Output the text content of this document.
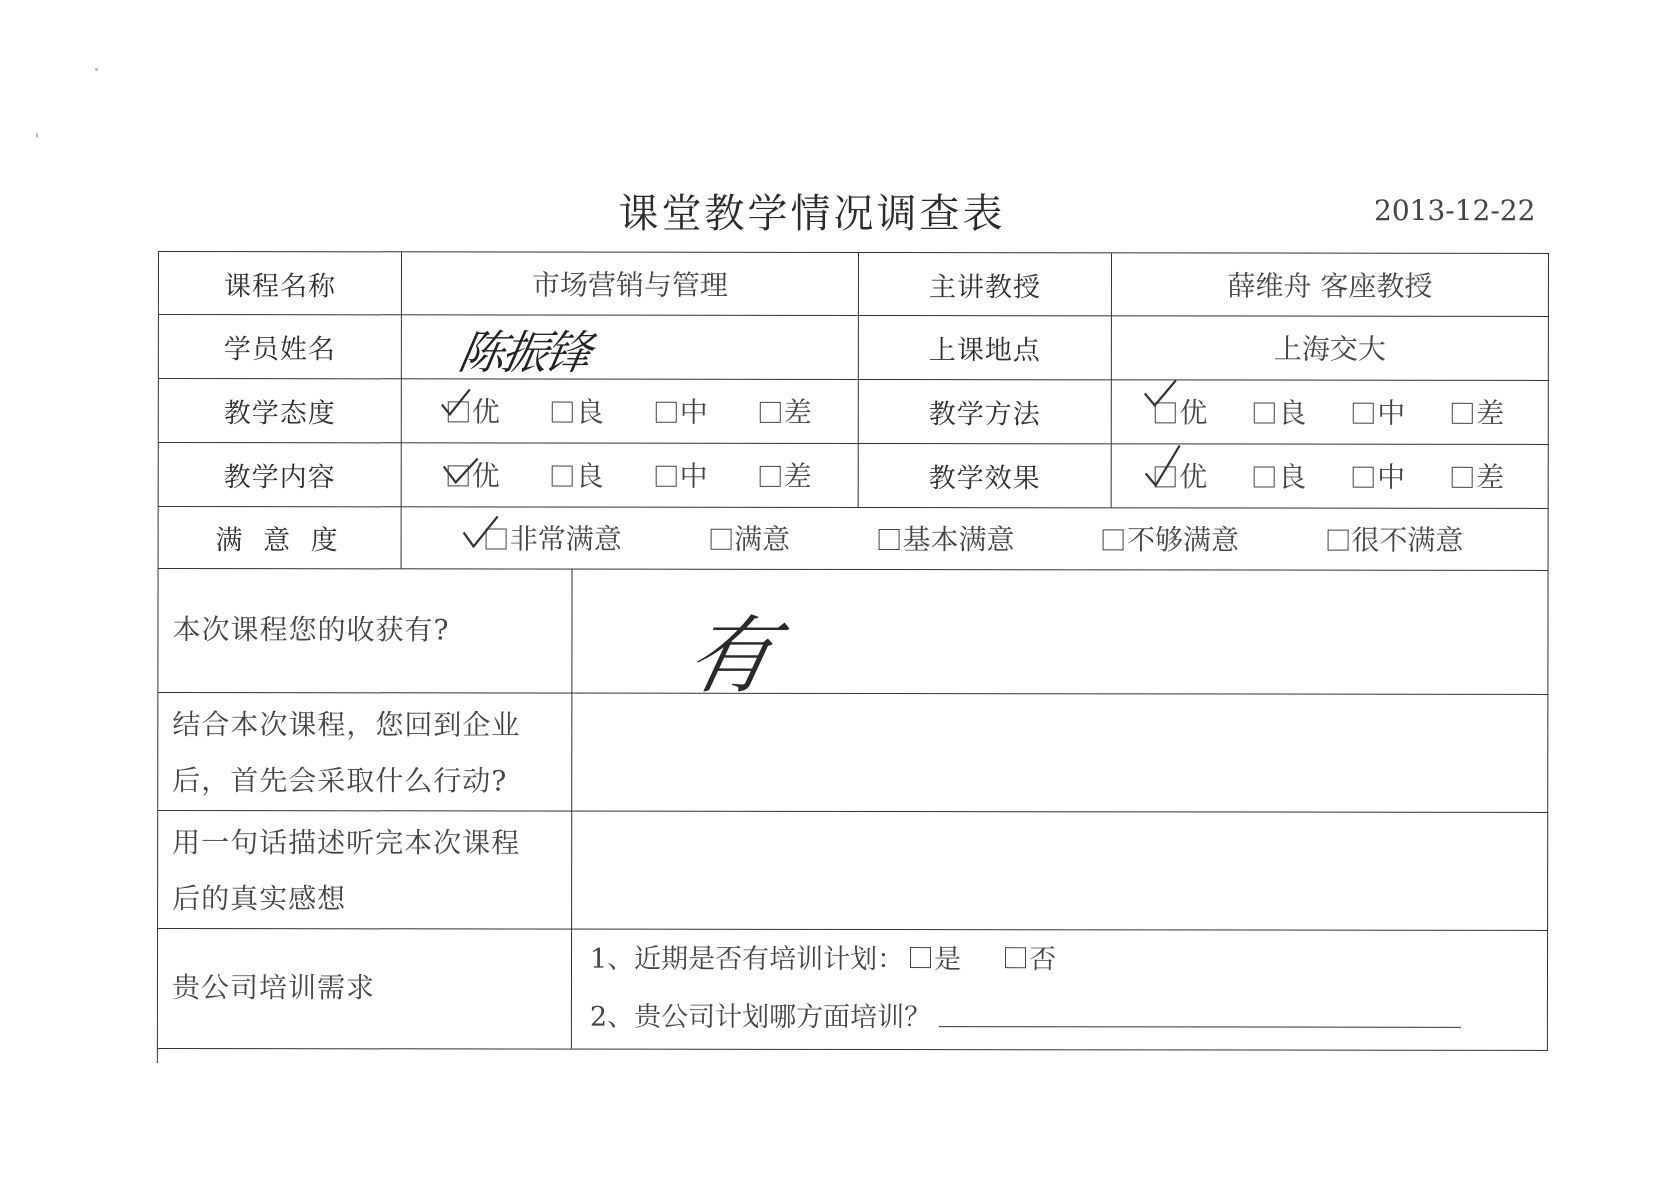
课堂教学情况调查表	2013-12-22
课程名称	市场营销与管理	主讲教授	薛维舟 客座教授
学员姓名	陈振锋	上课地点	上海交大
教学态度	优	良	中	差	教学方法	优	良	中	差
教学内容	优	良	中	差	教学效果	优	良	中	差
满 意 度	非常满意	满意	基本满意	不够满意	很不满意
本次课程您的收获有?	有
结合本次课程，您回到企业
后，首先会采取什么行动?
用一句话描述听完本次课程
后的真实感想
贵公司培训需求
1、近期是否有培训计划： 是	否
2、贵公司计划哪方面培训？
